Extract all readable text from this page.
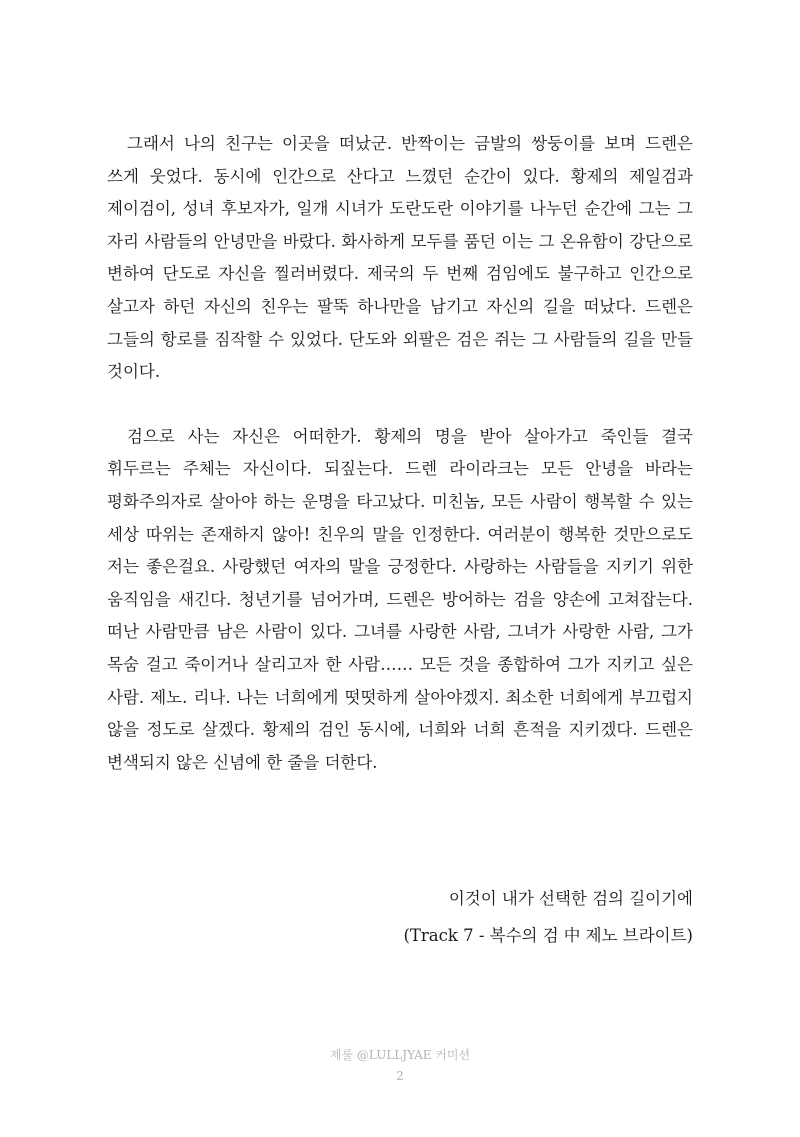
그래서 나의 친구는 이곳을 떠났군. 반짝이는 금발의 쌍둥이를 보며 드렌은 쓰게 웃었다. 동시에 인간으로 산다고 느꼈던 순간이 있다. 황제의 제일검과 제이검이, 성녀 후보자가, 일개 시녀가 도란도란 이야기를 나누던 순간에 그는 그 자리 사람들의 안녕만을 바랐다. 화사하게 모두를 품던 이는 그 온유함이 강단으로 변하여 단도로 자신을 찔러버렸다. 제국의 두 번째 검임에도 불구하고 인간으로 살고자 하던 자신의 친우는 팔뚝 하나만을 남기고 자신의 길을 떠났다. 드렌은 그들의 항로를 짐작할 수 있었다. 단도와 외팔은 검은 쥐는 그 사람들의 길을 만들 것이다.

검으로 사는 자신은 어떠한가. 황제의 명을 받아 살아가고 죽인들 결국 휘두르는 주체는 자신이다. 되짚는다. 드렌 라이라크는 모든 안녕을 바라는 평화주의자로 살아야 하는 운명을 타고났다. 미친놈, 모든 사람이 행복할 수 있는 세상 따위는 존재하지 않아! 친우의 말을 인정한다. 여러분이 행복한 것만으로도 저는 좋은걸요. 사랑했던 여자의 말을 긍정한다. 사랑하는 사람들을 지키기 위한 움직임을 새긴다. 청년기를 넘어가며, 드렌은 방어하는 검을 양손에 고쳐잡는다. 떠난 사람만큼 남은 사람이 있다. 그녀를 사랑한 사람, 그녀가 사랑한 사람, 그가 목숨 걸고 죽이거나 살리고자 한 사람…… 모든 것을 종합하여 그가 지키고 싶은 사람. 제노. 리나. 나는 너희에게 떳떳하게 살아야겠지. 최소한 너희에게 부끄럽지 않을 정도로 살겠다. 황제의 검인 동시에, 너희와 너희 흔적을 지키겠다. 드렌은 변색되지 않은 신념에 한 줄을 더한다.

이것이 내가 선택한 검의 길이기에
(Track 7 - 복수의 검 中 제노 브라이트)
제룰 @LULLJYAE 커미션
2
